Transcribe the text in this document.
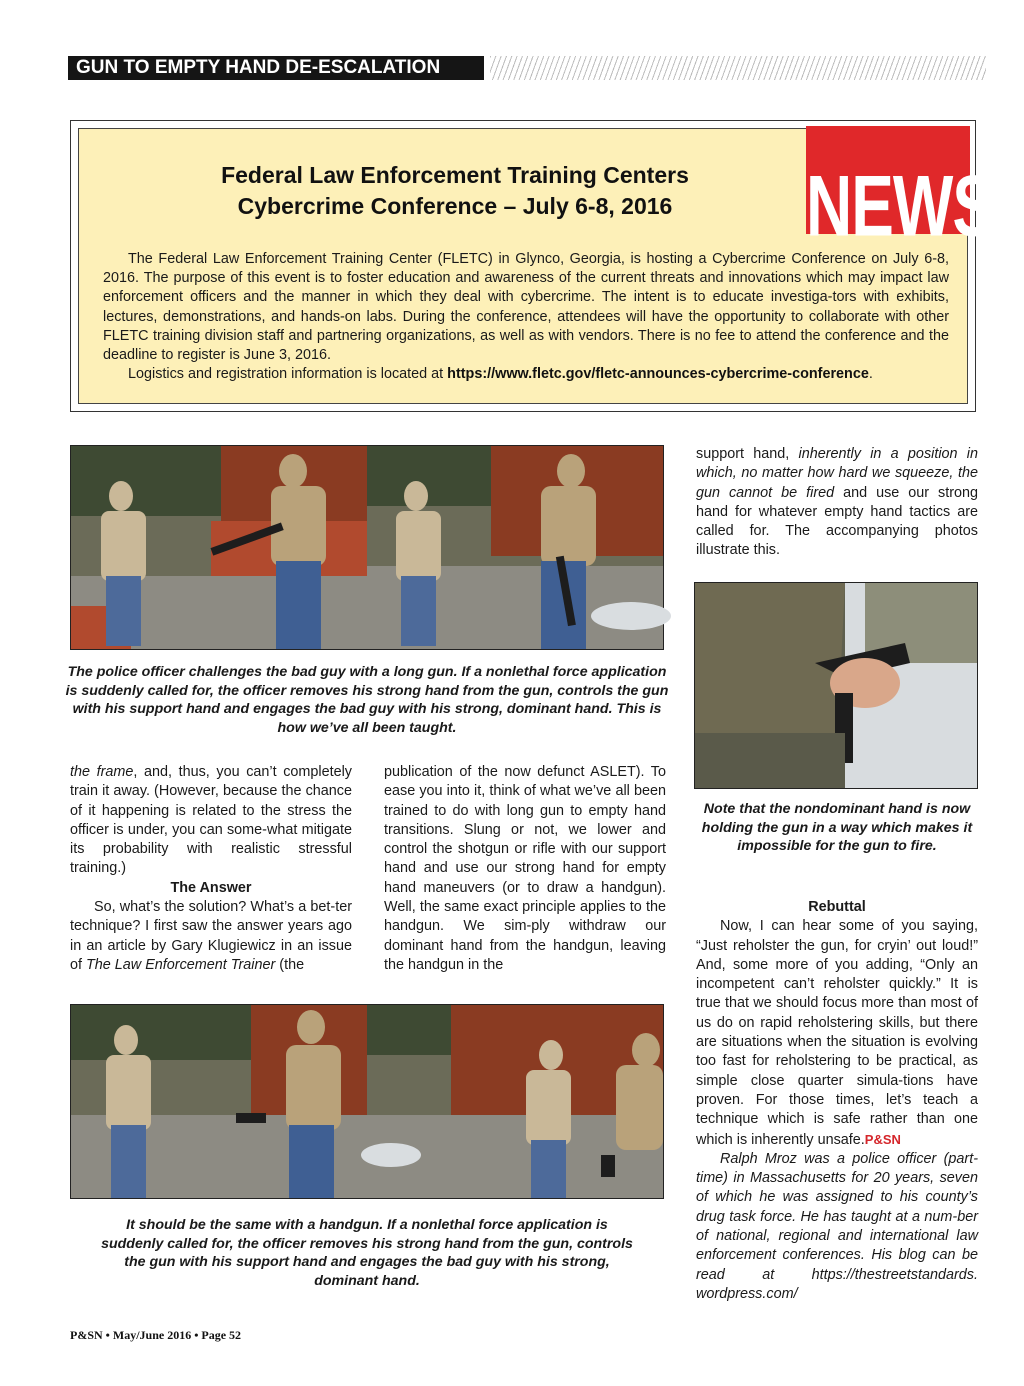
GUN TO EMPTY HAND DE-ESCALATION
NEWS
Federal Law Enforcement Training Centers
Cybercrime Conference – July 6-8, 2016

The Federal Law Enforcement Training Center (FLETC) in Glynco, Georgia, is hosting a Cybercrime Conference on July 6-8, 2016. The purpose of this event is to foster education and awareness of the current threats and innovations which may impact law enforcement officers and the manner in which they deal with cybercrime. The intent is to educate investiga-tors with exhibits, lectures, demonstrations, and hands-on labs. During the conference, attendees will have the opportunity to collaborate with other FLETC training division staff and partnering organizations, as well as with vendors. There is no fee to attend the conference and the deadline to register is June 3, 2016.

Logistics and registration information is located at https://www.fletc.gov/fletc-announces-cybercrime-conference.

The police officer challenges the bad guy with a long gun. If a nonlethal force application is suddenly called for, the officer removes his strong hand from the gun, controls the gun with his support hand and engages the bad guy with his strong, dominant hand. This is how we’ve all been taught.

support hand, inherently in a position in which, no matter how hard we squeeze, the gun cannot be fired and use our strong hand for whatever empty hand tactics are called for. The accompanying photos illustrate this.

Note that the nondominant hand is now holding the gun in a way which makes it impossible for the gun to fire.

the frame, and, thus, you can’t completely train it away. (However, because the chance of it happening is related to the stress the officer is under, you can some-what mitigate its probability with realistic stressful training.)

The Answer

So, what’s the solution? What’s a bet-ter technique? I first saw the answer years ago in an article by Gary Klugiewicz in an issue of The Law Enforcement Trainer (the

publication of the now defunct ASLET). To ease you into it, think of what we’ve all been trained to do with long gun to empty hand transitions. Slung or not, we lower and control the shotgun or rifle with our support hand and use our strong hand for empty hand maneuvers (or to draw a handgun). Well, the same exact principle applies to the handgun. We sim-ply withdraw our dominant hand from the handgun, leaving the handgun in the

Rebuttal

Now, I can hear some of you saying, “Just reholster the gun, for cryin’ out loud!” And, some more of you adding, “Only an incompetent can’t reholster quickly.” It is true that we should focus more than most of us do on rapid reholstering skills, but there are situations when the situation is evolving too fast for reholstering to be practical, as simple close quarter simula-tions have proven. For those times, let’s teach a technique which is safe rather than one which is inherently unsafe.P&SN

Ralph Mroz was a police officer (part-time) in Massachusetts for 20 years, seven of which he was assigned to his county’s drug task force. He has taught at a num-ber of national, regional and international law enforcement conferences. His blog can be read at https://thestreetstandards. wordpress.com/

It should be the same with a handgun. If a nonlethal force application is suddenly called for, the officer removes his strong hand from the gun, controls the gun with his support hand and engages the bad guy with his strong, dominant hand.
P&SN • May/June 2016 • Page 52
